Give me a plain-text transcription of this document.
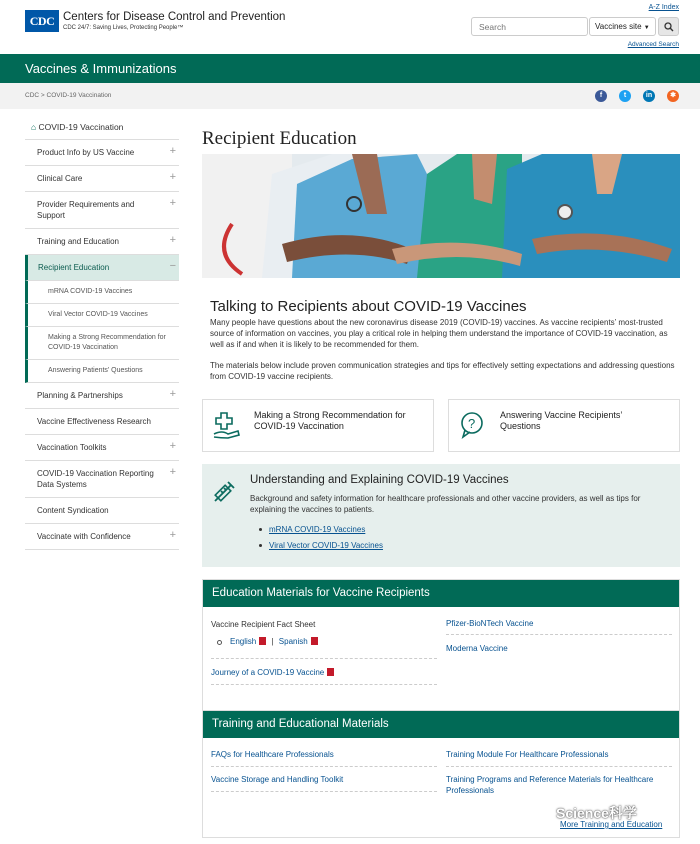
CDC Centers for Disease Control and Prevention
CDC 24/7: Saving Lives, Protecting People™
A-Z Index
Search
Vaccines site ▼
Advanced Search
Vaccines & Immunizations
CDC > COVID-19 Vaccination	f	t	in	✱
⌂ COVID-19 Vaccination
Product Info by US Vaccine	+
Clinical Care	+
Provider Requirements and Support
+
Training and Education	+
Recipient Education	−
mRNA COVID-19 Vaccines
Viral Vector COVID-19 Vaccines
Making a Strong Recommendation for COVID-19 Vaccination
Answering Patients’ Questions
Planning & Partnerships	+
Vaccine Effectiveness Research
Vaccination Toolkits	+
COVID-19 Vaccination Reporting Data Systems
+
Content Syndication
Vaccinate with Confidence	+
Recipient Education
Talking to Recipients about COVID-19 Vaccines
Many people have questions about the new coronavirus disease 2019 (COVID-19) vaccines. As vaccine recipients’ most-trusted source of information on vaccines, you play a critical role in helping them understand the importance of COVID-19 vaccination, as well as if and when it is likely to be recommended for them.
The materials below include proven communication strategies and tips for effectively setting expectations and addressing questions from COVID-19 vaccine recipients.
Making a Strong Recommendation for COVID-19 Vaccination	?
Answering Vaccine Recipients’ Questions
Understanding and Explaining COVID-19 Vaccines
Background and safety information for healthcare professionals and other vaccine providers, as well as tips for explaining the vaccines to patients.
mRNA COVID-19 Vaccines
Viral Vector COVID-19 Vaccines
Education Materials for Vaccine Recipients
Vaccine Recipient Fact Sheet
English | Spanish
Journey of a COVID-19 Vaccine
Pfizer-BioNTech Vaccine
Moderna Vaccine
Training and Educational Materials
FAQs for Healthcare Professionals
Vaccine Storage and Handling Toolkit
Training Module For Healthcare Professionals
Training Programs and Reference Materials for Healthcare Professionals
More Training and Education
Science科学
